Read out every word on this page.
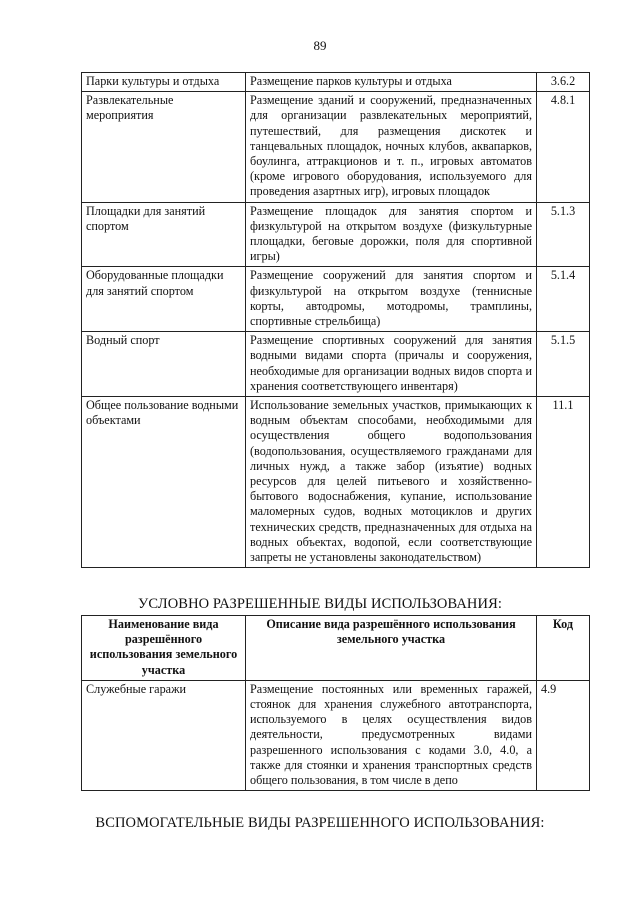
89
Парки культуры и отдыха	Размещение парков культуры и отдыха	3.6.2
Развлекательные мероприятия	Размещение зданий и сооружений, предназначенных для организации развлекательных мероприятий, путешествий, для размещения дискотек и танцевальных площадок, ночных клубов, аквапарков, боулинга, аттракционов и т. п., игровых автоматов (кроме игрового оборудования, используемого для проведения азартных игр), игровых площадок	4.8.1
Площадки для занятий спортом	Размещение площадок для занятия спортом и физкультурой на открытом воздухе (физкультурные площадки, беговые дорожки, поля для спортивной игры)	5.1.3
Оборудованные площадки для занятий спортом	Размещение сооружений для занятия спортом и физкультурой на открытом воздухе (теннисные корты, автодромы, мотодромы, трамплины, спортивные стрельбища)	5.1.4
Водный спорт	Размещение спортивных сооружений для занятия водными видами спорта (причалы и сооружения, необходимые для организации водных видов спорта и хранения соответствующего инвентаря)	5.1.5
Общее пользование водными объектами	Использование земельных участков, примыкающих к водным объектам способами, необходимыми для осуществления общего водопользования (водопользования, осуществляемого гражданами для личных нужд, а также забор (изъятие) водных ресурсов для целей питьевого и хозяйственно-бытового водоснабжения, купание, использование маломерных судов, водных мотоциклов и других технических средств, предназначенных для отдыха на водных объектах, водопой, если соответствующие запреты не установлены законодательством)	11.1
УСЛОВНО РАЗРЕШЕННЫЕ ВИДЫ ИСПОЛЬЗОВАНИЯ:
Наименование вида разрешённого использования земельного участка	Описание вида разрешённого использования земельного участка	Код
Служебные гаражи	Размещение постоянных или временных гаражей, стоянок для хранения служебного автотранспорта, используемого в целях осуществления видов деятельности, предусмотренных видами разрешенного использования с кодами 3.0, 4.0, а также для стоянки и хранения транспортных средств общего пользования, в том числе в депо	4.9
ВСПОМОГАТЕЛЬНЫЕ ВИДЫ РАЗРЕШЕННОГО ИСПОЛЬЗОВАНИЯ:
